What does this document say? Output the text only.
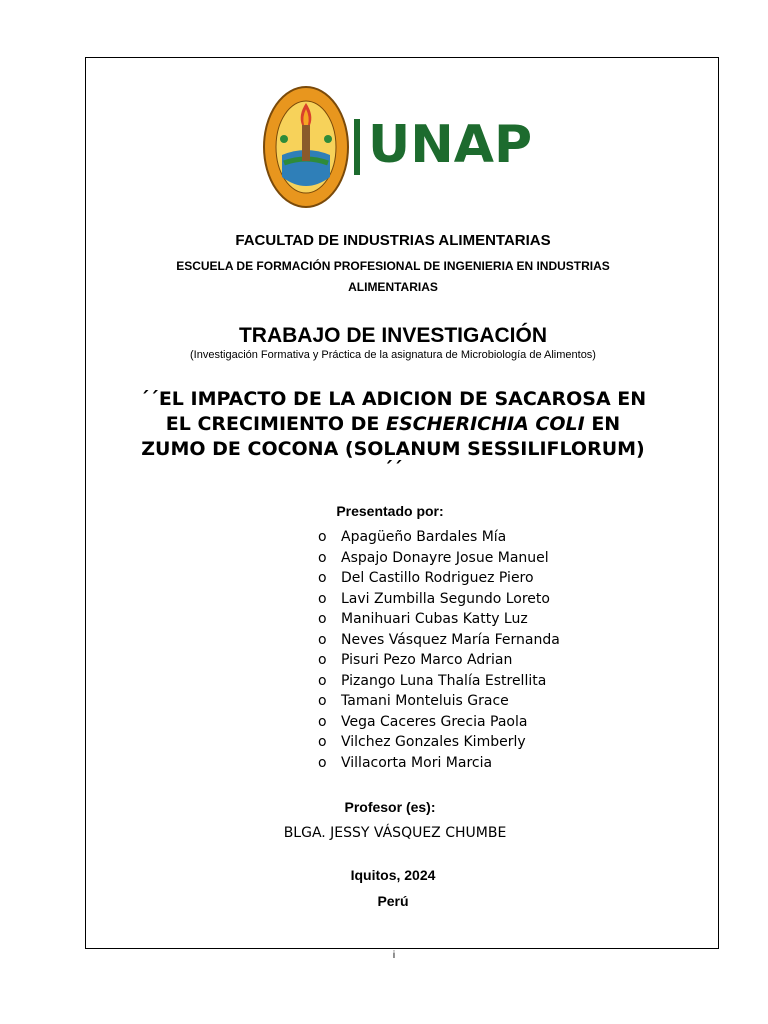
UNAP
FACULTAD DE INDUSTRIAS ALIMENTARIAS
ESCUELA DE FORMACIÓN PROFESIONAL DE INGENIERIA EN INDUSTRIAS
ALIMENTARIAS
TRABAJO DE INVESTIGACIÓN
(Investigación Formativa y Práctica de la asignatura de Microbiología de Alimentos)
´´EL IMPACTO DE LA ADICION DE SACAROSA EN
EL CRECIMIENTO DE ESCHERICHIA COLI EN
ZUMO DE COCONA (SOLANUM SESSILIFLORUM)
´´
Presentado por:
o Apagüeño Bardales Mía
o Aspajo Donayre Josue Manuel
o Del Castillo Rodriguez Piero
o Lavi Zumbilla Segundo Loreto
o Manihuari Cubas Katty Luz
o Neves Vásquez María Fernanda
o Pisuri Pezo Marco Adrian
o Pizango Luna Thalía Estrellita
o Tamani Monteluis Grace
o Vega Caceres Grecia Paola
o Vilchez Gonzales Kimberly
o Villacorta Mori Marcia
Profesor (es):
BLGA. JESSY VÁSQUEZ CHUMBE
Iquitos, 2024
Perú
i
